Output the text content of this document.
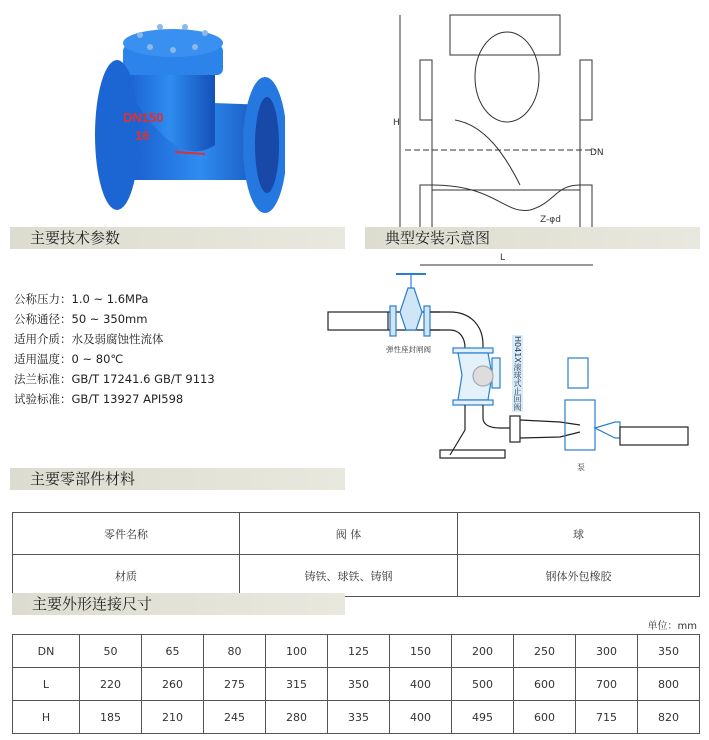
DN150
16
H
DN
L
Z-φd
主要技术参数	典型安装示意图
公称压力：1.0 ~ 1.6MPa
公称通径：50 ~ 350mm
适用介质：水及弱腐蚀性流体
适用温度：0 ~ 80℃
法兰标准：GB/T 17241.6 GB/T 9113
试验标准：GB/T 13927 API598
弹性座封闸阀	H041X滚球式止回阀
泵
主要零部件材料
零件名称	阀 体	球
材质	铸铁、球铁、铸钢	钢体外包橡胶
主要外形连接尺寸
单位：mm
DN	50	65	80	100	125	150	200	250	300	350
L	220	260	275	315	350	400	500	600	700	800
H	185	210	245	280	335	400	495	600	715	820
